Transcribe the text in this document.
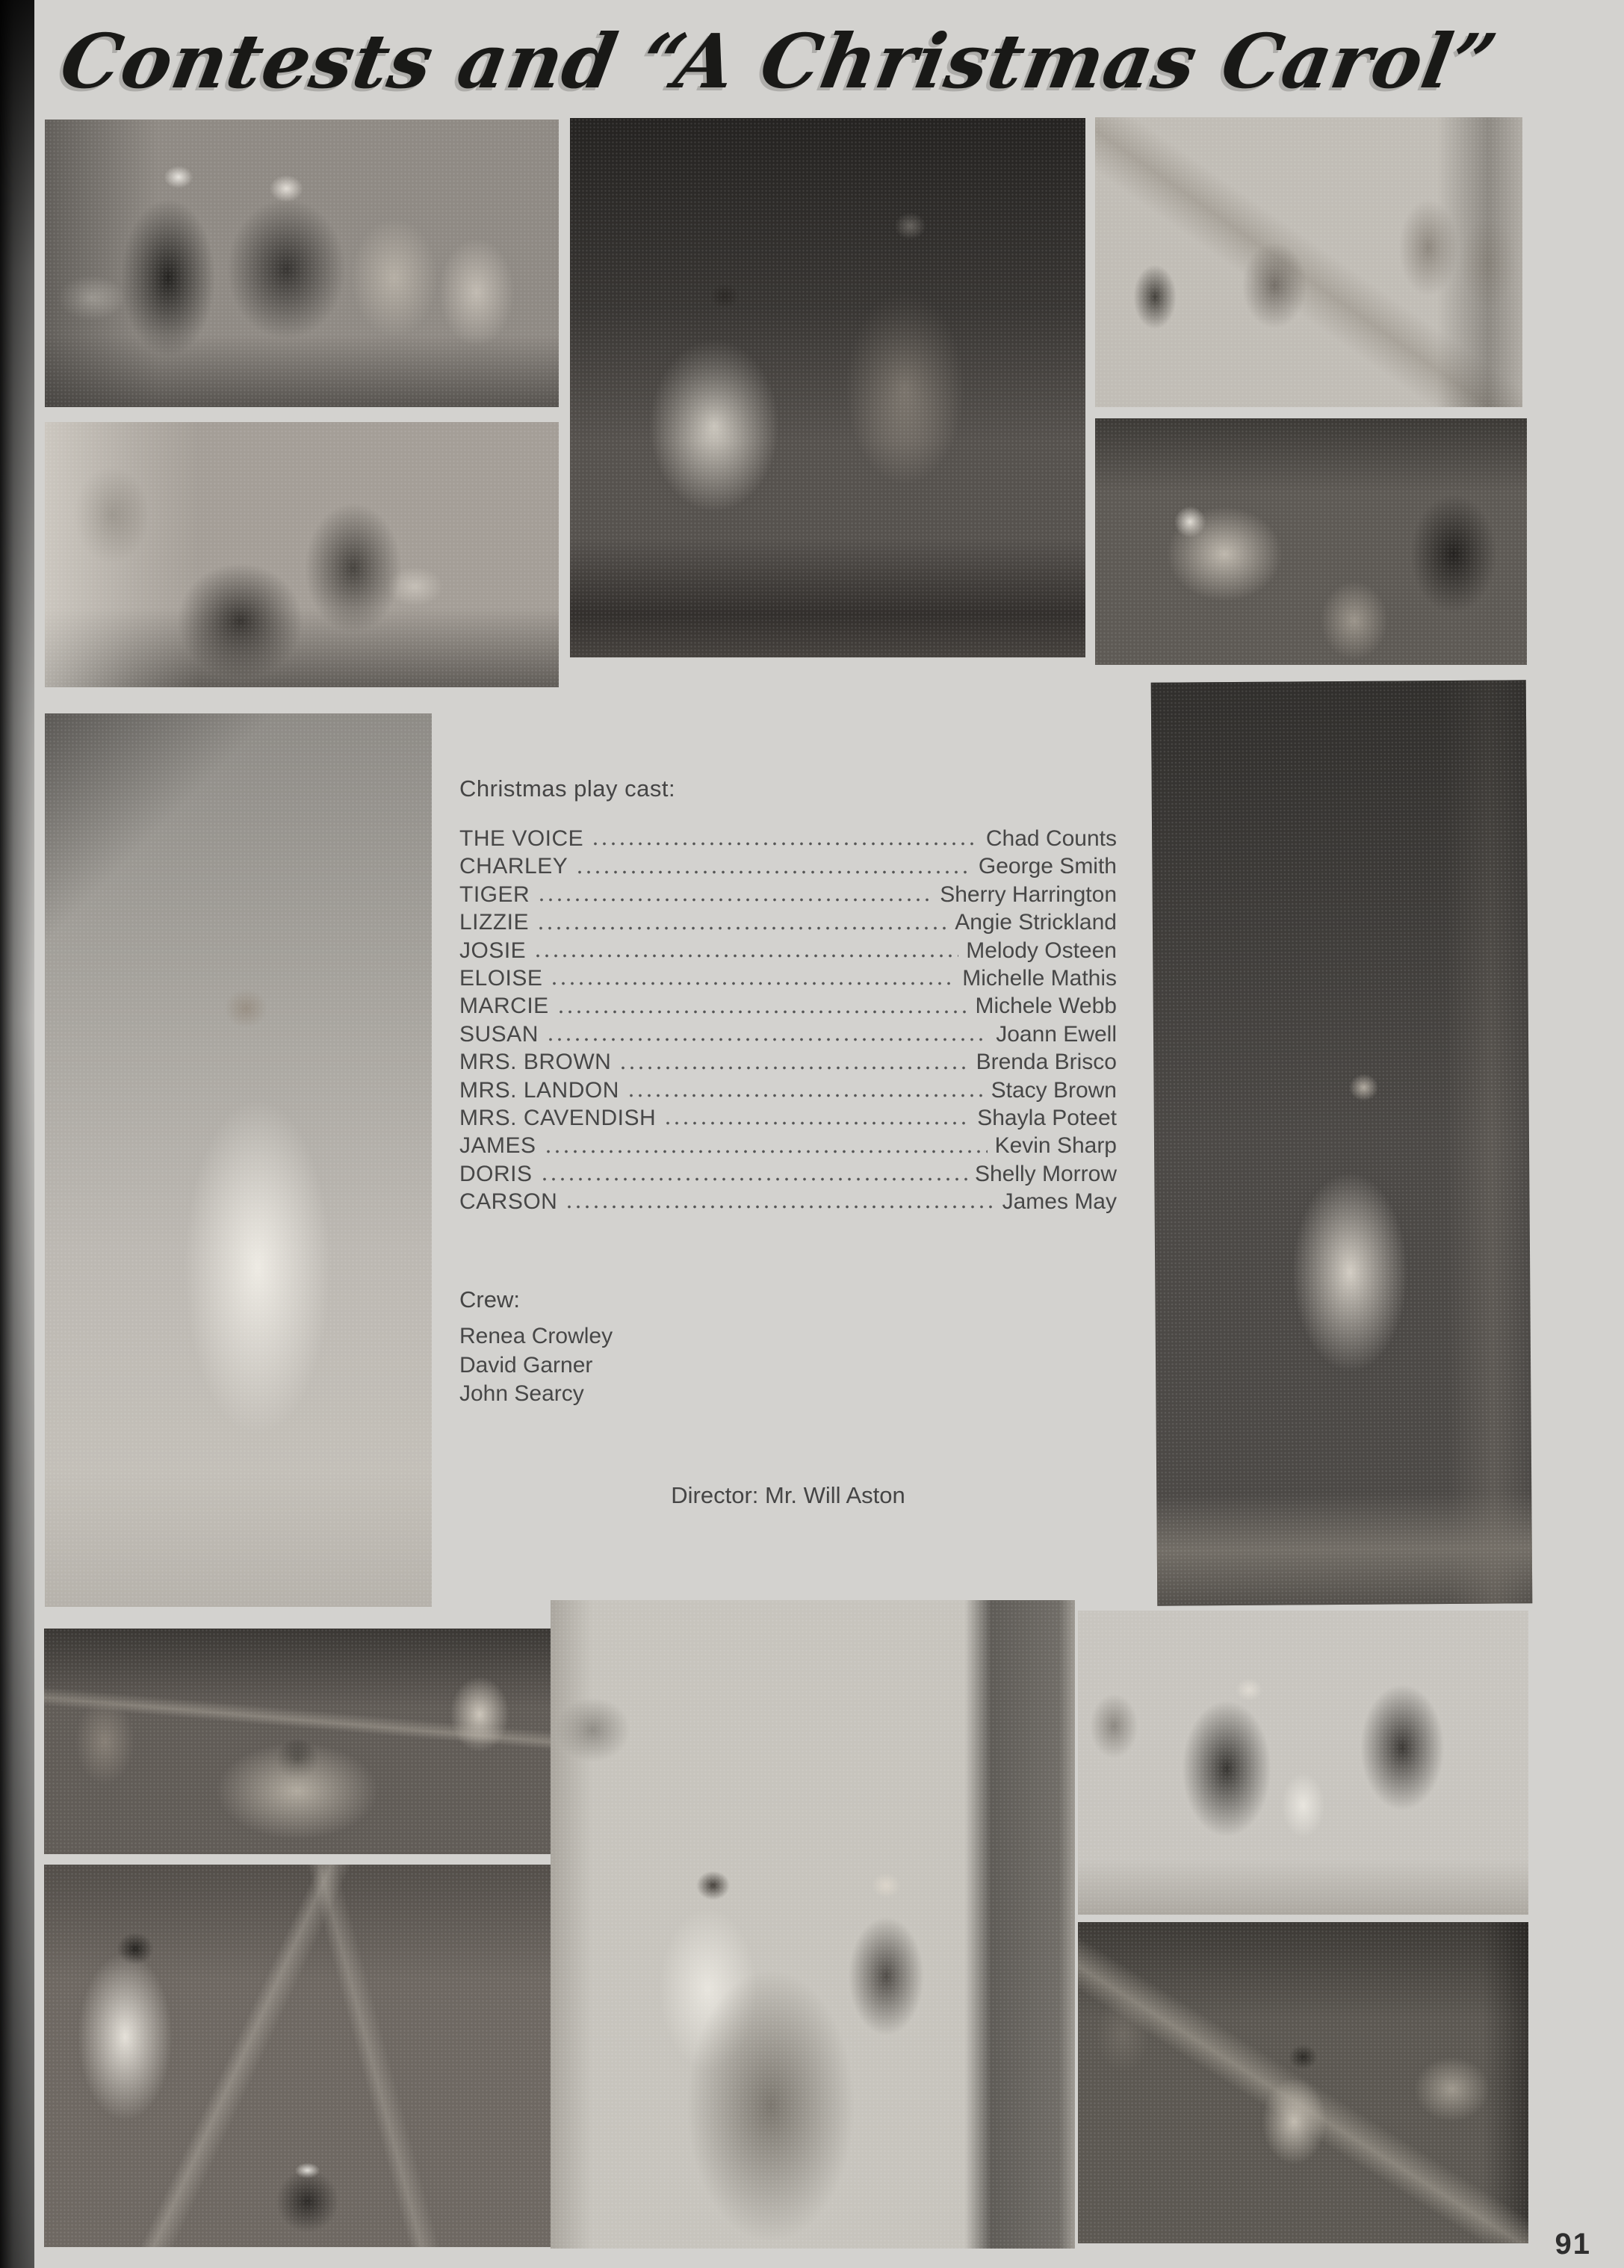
Contests and “A Christmas Carol”
Christmas play cast:
THE VOICE	Chad Counts
CHARLEY	George Smith
TIGER	Sherry Harrington
LIZZIE	Angie Strickland
JOSIE	Melody Osteen
ELOISE	Michelle Mathis
MARCIE	Michele Webb
SUSAN	Joann Ewell
MRS. BROWN	Brenda Brisco
MRS. LANDON	Stacy Brown
MRS. CAVENDISH	Shayla Poteet
JAMES	Kevin Sharp
DORIS	Shelly Morrow
CARSON	James May
Crew:
Renea Crowley
David Garner
John Searcy
Director: Mr. Will Aston
91
